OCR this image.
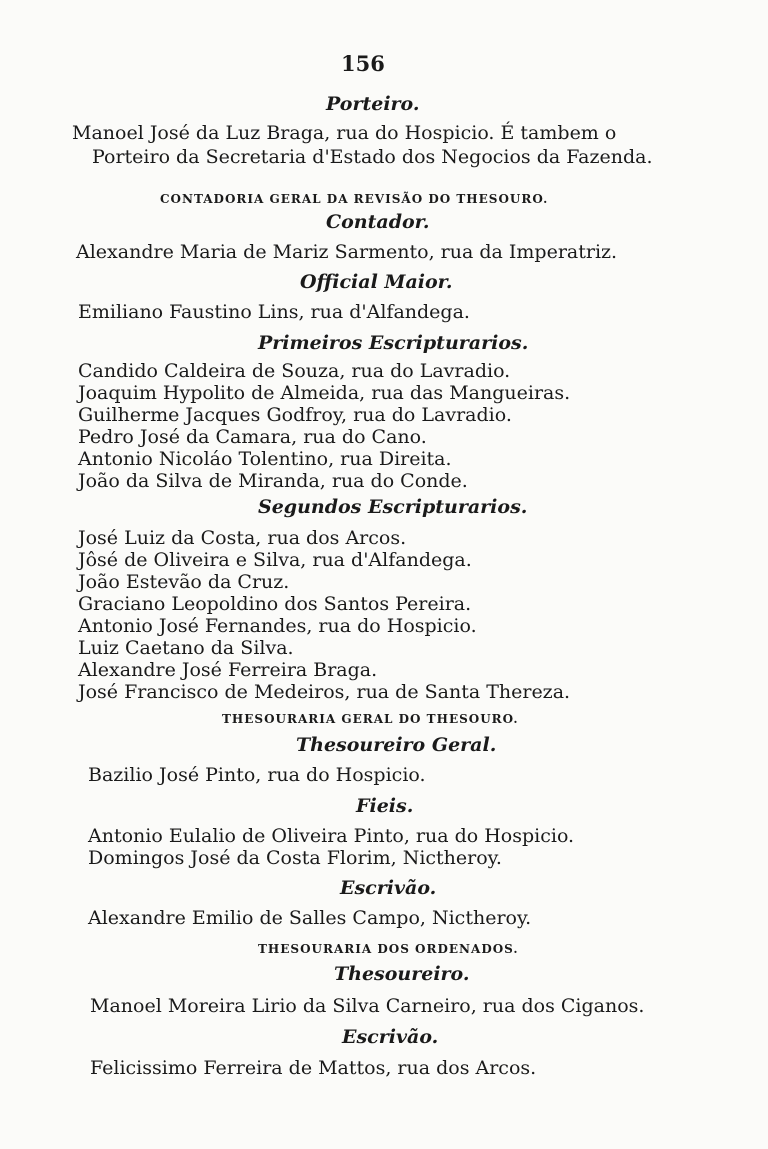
156
Porteiro.
Manoel José da Luz Braga, rua do Hospicio. É tambem o
Porteiro da Secretaria d'Estado dos Negocios da Fazenda.
CONTADORIA GERAL DA REVISÃO DO THESOURO.
Contador.
Alexandre Maria de Mariz Sarmento, rua da Imperatriz.
Official Maior.
Emiliano Faustino Lins, rua d'Alfandega.
Primeiros Escripturarios.
Candido Caldeira de Souza, rua do Lavradio.
Joaquim Hypolito de Almeida, rua das Mangueiras.
Guilherme Jacques Godfroy, rua do Lavradio.
Pedro José da Camara, rua do Cano.
Antonio Nicoláo Tolentino, rua Direita.
João da Silva de Miranda, rua do Conde.
Segundos Escripturarios.
José Luiz da Costa, rua dos Arcos.
Jôsé de Oliveira e Silva, rua d'Alfandega.
João Estevão da Cruz.
Graciano Leopoldino dos Santos Pereira.
Antonio José Fernandes, rua do Hospicio.
Luiz Caetano da Silva.
Alexandre José Ferreira Braga.
José Francisco de Medeiros, rua de Santa Thereza.
THESOURARIA GERAL DO THESOURO.
Thesoureiro Geral.
Bazilio José Pinto, rua do Hospicio.
Fieis.
Antonio Eulalio de Oliveira Pinto, rua do Hospicio.
Domingos José da Costa Florim, Nictheroy.
Escrivão.
Alexandre Emilio de Salles Campo, Nictheroy.
THESOURARIA DOS ORDENADOS.
Thesoureiro.
Manoel Moreira Lirio da Silva Carneiro, rua dos Ciganos.
Escrivão.
Felicissimo Ferreira de Mattos, rua dos Arcos.
